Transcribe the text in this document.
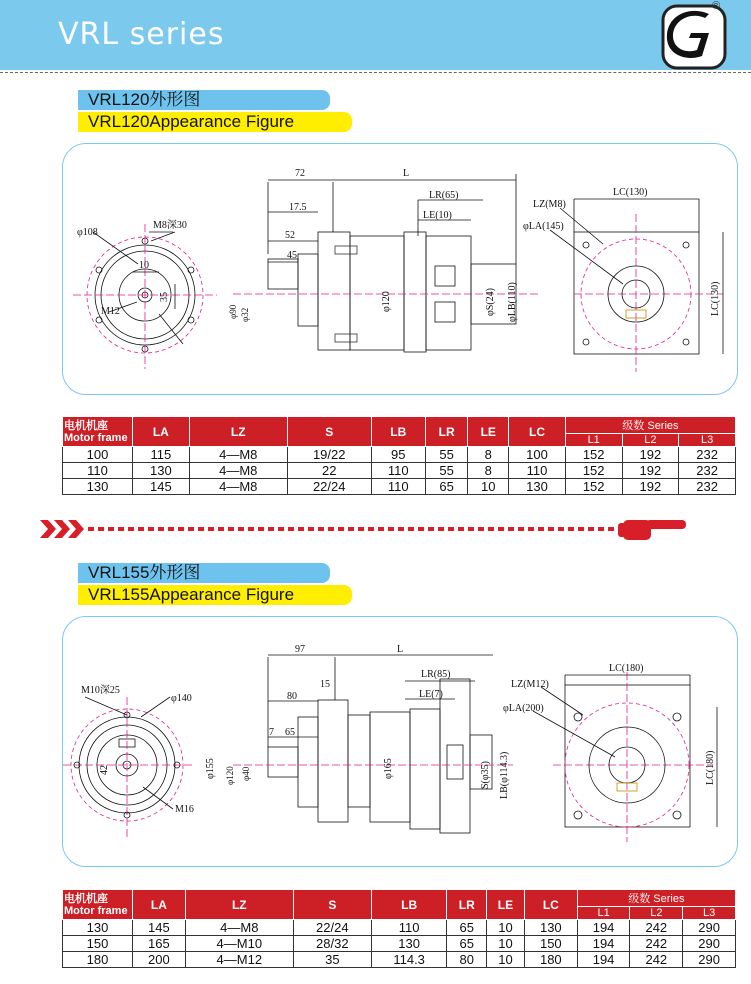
VRL series
GAM
®
VRL120外形图
VRL120Appearance Figure
φ108
M8深30
10
M12
35
72	L
17.5
52
45
φ90 φ32
φ120
LR(65)
LE(10)
φS(24) φLB(110)
LC(130)
LZ(M8)
φLA(145)
LC(130)
电机机座
Motor frame	LA	LZ	S	LB	LR	LE	LC	级数 Series		
								L1	L2	L3
100	115	4—M8	19/22	95	55	8	100	152	192	232
110	130	4—M8	22	110	55	8	110	152	192	232
130	145	4—M8	22/24	110	65	10	130	152	192	232
VRL155外形图
VRL155Appearance Figure
M10深25
φ140
42
M16
97	L
80
15
65
7
φ155 φ120 φ40	φ165
LR(85)
LE(7)
S(φ35) LB(φ114.3)
LC(180)
LZ(M12)
φLA(200)
LC(180)
电机机座
Motor frame	LA	LZ	S	LB	LR	LE	LC	级数 Series		
								L1	L2	L3
130	145	4—M8	22/24	110	65	10	130	194	242	290
150	165	4—M10	28/32	130	65	10	150	194	242	290
180	200	4—M12	35	114.3	80	10	180	194	242	290
